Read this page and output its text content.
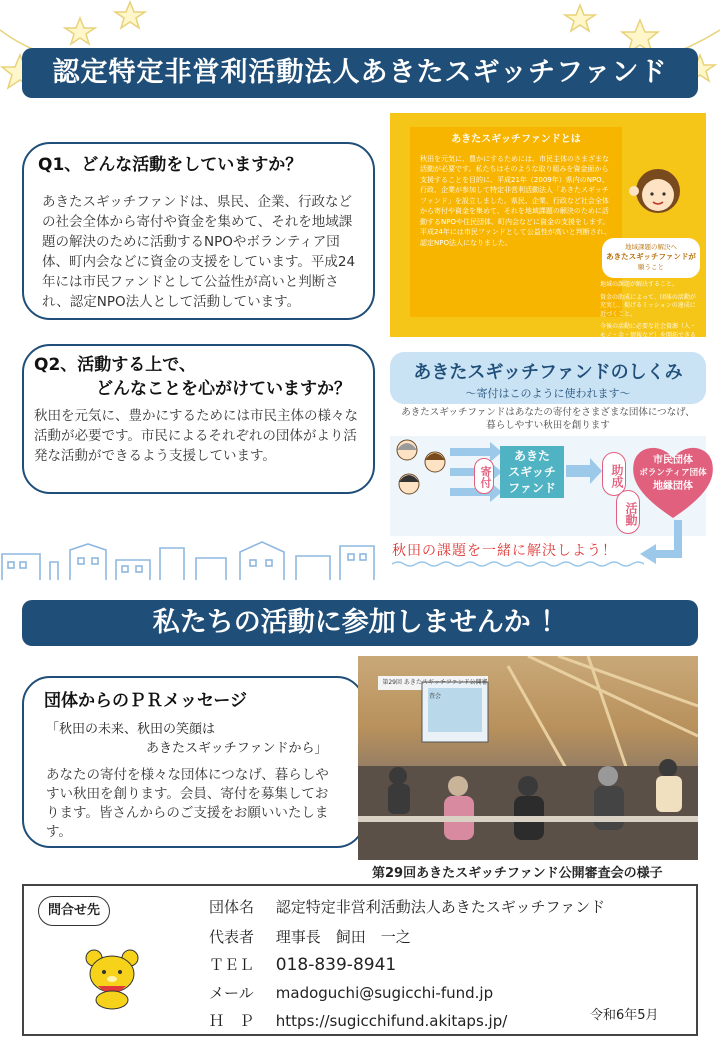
認定特定非営利活動法人あきたスギッチファンド
Q1、どんな活動をしていますか？
あきたスギッチファンドは、県民、企業、行政などの社会全体から寄付や資金を集めて、それを地域課題の解決のために活動するNPOやボランティア団体、町内会などに資金の支援をしています。平成24年には市民ファンドとして公益性が高いと判断され、認定NPO法人として活動しています。
あきたスギッチファンドとは
秋田を元気に、豊かにするためには、市民主体のさまざまな活動が必要です。私たちはそのような取り組みを資金面から支援することを目的に、平成21年（2009年）県内のNPO、行政、企業が参加して特定非営利活動法人「あきたスギッチファンド」を設立しました。県民、企業、行政など社会全体から寄付や資金を集めて、それを地域課題の解決のために活動するNPOや住民団体、町内会などに資金の支援をします。平成24年には市民ファンドとして公益性が高いと判断され、認定NPO法人になりました。
地域課題の解決へ
あきたスギッチファンドが
願うこと
地域の課題が解決すること。
資金の助成によって、団体の活動が充実し、掲げるミッションの達成に近づくこと。
今後の活動に必要な社会資源（人・モノ・金・情報など）を開拓できるようになること。
Q2、活動する上で、
どんなことを心がけていますか？
秋田を元気に、豊かにするためには市民主体の様々な活動が必要です。市民によるそれぞれの団体がより活発な活動ができるよう支援しています。
あきたスギッチファンドのしくみ
～寄付はこのように使われます～
あきたスギッチファンドはあなたの寄付をさまざまな団体につなげ、
暮らしやすい秋田を創ります
寄付
あきた
スギッチ
ファンド	助成
活動
市民団体
ボランティア団体
地縁団体
秋田の課題を一緒に解決しよう！
私たちの活動に参加しませんか ！
団体からのＰＲメッセージ
「秋田の未来、秋田の笑顔は
あきたスギッチファンドから」
あなたの寄付を様々な団体につなげ、暮らしやすい秋田を創ります。会員、寄付を募集しております。皆さんからのご支援をお願いいたします。
第29回 あきたスギッチファンド公開審査会
第29回あきたスギッチファンド公開審査会の様子
問合せ先	団体名 認定特定非営利活動法人あきたスギッチファンド
代表者 理事長　飼田　一之
ＴＥＬ 018-839-8941
メール madoguchi@sugicchi-fund.jp
Ｈ　Ｐ https://sugicchifund.akitaps.jp/	令和6年5月
